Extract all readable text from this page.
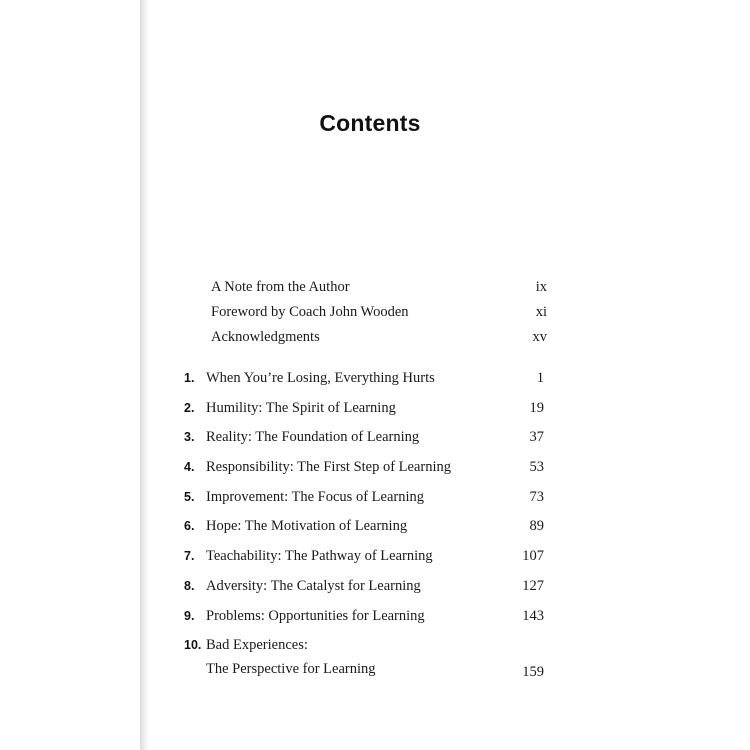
Contents
A Note from the Author	ix
Foreword by Coach John Wooden	xi
Acknowledgments	xv
1. When You’re Losing, Everything Hurts	1
2. Humility: The Spirit of Learning	19
3. Reality: The Foundation of Learning	37
4. Responsibility: The First Step of Learning	53
5. Improvement: The Focus of Learning	73
6. Hope: The Motivation of Learning	89
7. Teachability: The Pathway of Learning	107
8. Adversity: The Catalyst for Learning	127
9. Problems: Opportunities for Learning	143
10. Bad Experiences:
The Perspective for Learning	159
